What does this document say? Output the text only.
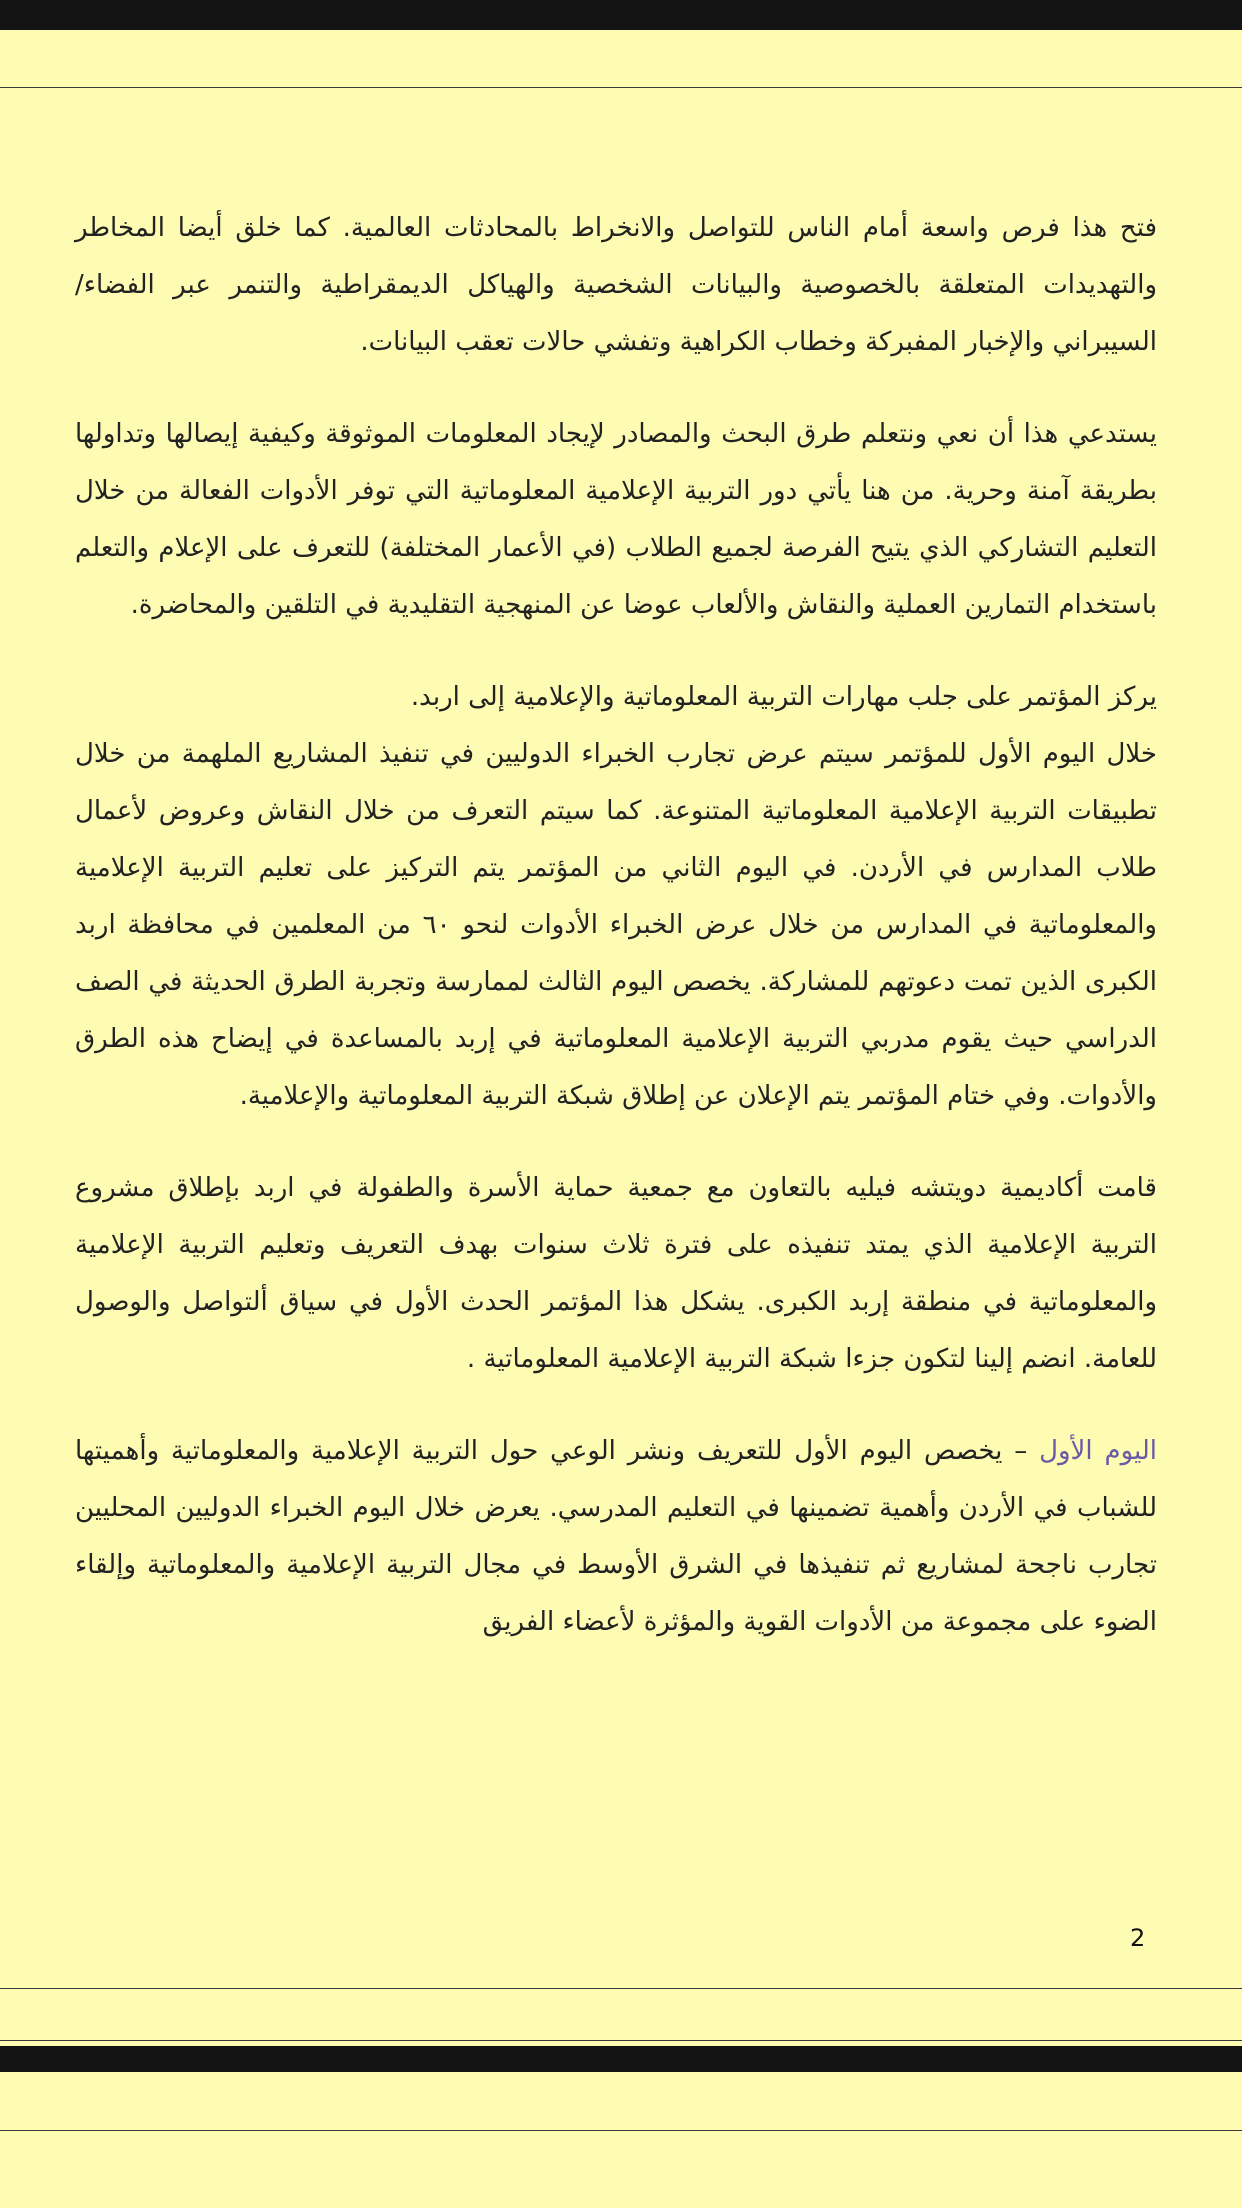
فتح هذا فرص واسعة أمام الناس للتواصل والانخراط بالمحادثات العالمية. كما خلق أيضا المخاطر والتهديدات المتعلقة بالخصوصية والبيانات الشخصية والهياكل الديمقراطية والتنمر عبر الفضاء/السيبراني والإخبار المفبركة وخطاب الكراهية وتفشي حالات تعقب البيانات.

يستدعي هذا أن نعي ونتعلم طرق البحث والمصادر لإيجاد المعلومات الموثوقة وكيفية إيصالها وتداولها بطريقة آمنة وحرية. من هنا يأتي دور التربية الإعلامية المعلوماتية التي توفر الأدوات الفعالة من خلال التعليم التشاركي الذي يتيح الفرصة لجميع الطلاب (في الأعمار المختلفة) للتعرف على الإعلام والتعلم باستخدام التمارين العملية والنقاش والألعاب عوضا عن المنهجية التقليدية في التلقين والمحاضرة.

يركز المؤتمر على جلب مهارات التربية المعلوماتية والإعلامية إلى اربد.

خلال اليوم الأول للمؤتمر سيتم عرض تجارب الخبراء الدوليين في تنفيذ المشاريع الملهمة من خلال تطبيقات التربية الإعلامية المعلوماتية المتنوعة. كما سيتم التعرف من خلال النقاش وعروض لأعمال طلاب المدارس في الأردن. في اليوم الثاني من المؤتمر يتم التركيز على تعليم التربية الإعلامية والمعلوماتية في المدارس من خلال عرض الخبراء الأدوات لنحو ٦٠ من المعلمين في محافظة اربد الكبرى الذين تمت دعوتهم للمشاركة. يخصص اليوم الثالث لممارسة وتجربة الطرق الحديثة في الصف الدراسي حيث يقوم مدربي التربية الإعلامية المعلوماتية في إربد بالمساعدة في إيضاح هذه الطرق والأدوات. وفي ختام المؤتمر يتم الإعلان عن إطلاق شبكة التربية المعلوماتية والإعلامية.

قامت أكاديمية دويتشه فيليه بالتعاون مع جمعية حماية الأسرة والطفولة في اربد بإطلاق مشروع التربية الإعلامية الذي يمتد تنفيذه على فترة ثلاث سنوات بهدف التعريف وتعليم التربية الإعلامية والمعلوماتية في منطقة إربد الكبرى. يشكل هذا المؤتمر الحدث الأول في سياق ألتواصل والوصول للعامة. انضم إلينا لتكون جزءا شبكة التربية الإعلامية المعلوماتية .

اليوم الأول – يخصص اليوم الأول للتعريف ونشر الوعي حول التربية الإعلامية والمعلوماتية وأهميتها للشباب في الأردن وأهمية تضمينها في التعليم المدرسي. يعرض خلال اليوم الخبراء الدوليين المحليين تجارب ناجحة لمشاريع ثم تنفيذها في الشرق الأوسط في مجال التربية الإعلامية والمعلوماتية وإلقاء الضوء على مجموعة من الأدوات القوية والمؤثرة لأعضاء الفريق

2
